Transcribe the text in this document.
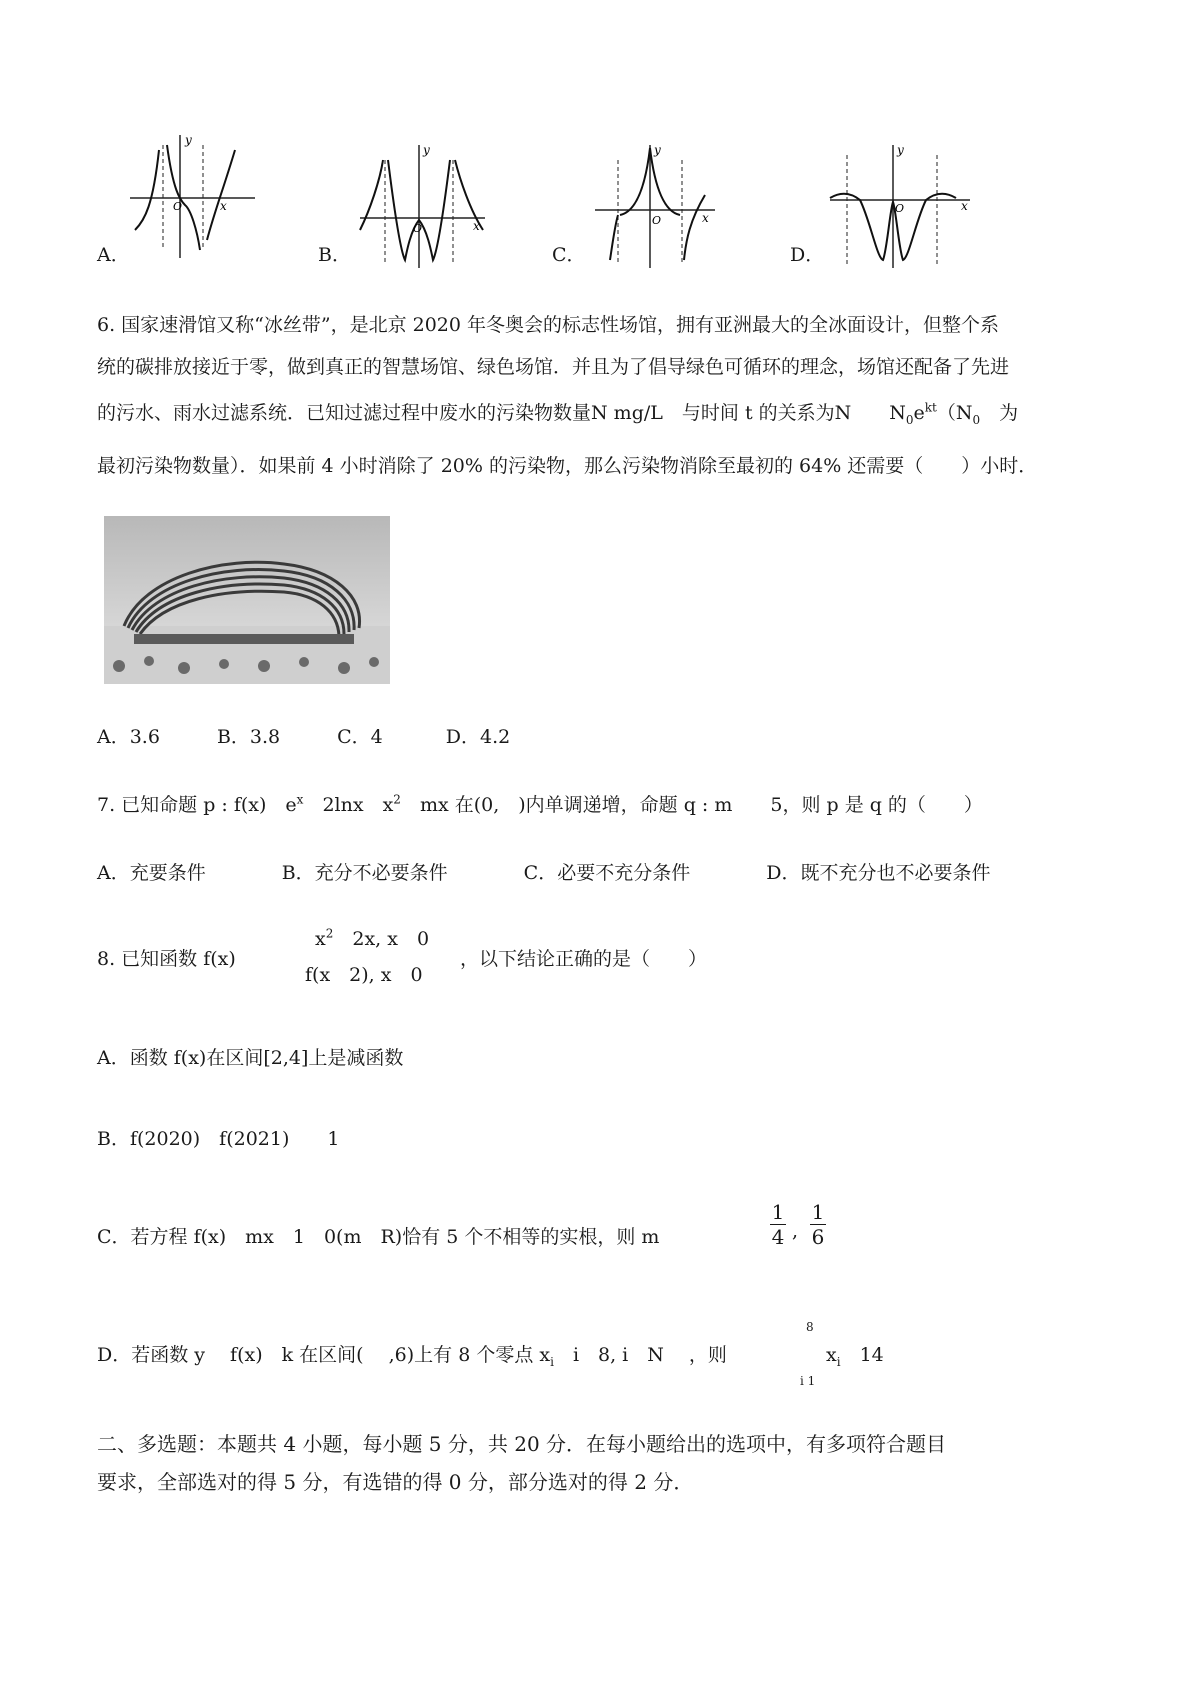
y
x
O
A．
y
x
O
B．
y
x
O
C．
y
x
O
D．
6. 国家速滑馆又称“冰丝带”，是北京 2020 年冬奥会的标志性场馆，拥有亚洲最大的全冰面设计，但整个系
统的碳排放接近于零，做到真正的智慧场馆、绿色场馆．并且为了倡导绿色可循环的理念，场馆还配备了先进
的污水、雨水过滤系统．已知过滤过程中废水的污染物数量N mg/L　 与时间 t 的关系为N　　 $N_0e^{kt}(N_0$　 为
最初污染物数量）．如果前 4 小时消除了 20% 的污染物，那么污染物消除至最初的 64% 还需要（　　）小时．
A．3.6　　　B．3.8　　　C．4　　　 D．4.2
7. 已知命题 p : f(x)　$e^x$　2lnx　$x^2$　mx 在(0,　)内单调递增，命题 q : m　　5，则 p 是 q 的（　　）
A．充要条件　　　　B．充分不必要条件　　　　C．必要不充分条件　　　　D．既不充分也不必要条件
8. 已知函数 f(x)
$x^2$　2x, x　0
f(x　2), x　0
，以下结论正确的是（　　）
A．函数 f(x)在区间[2,4]上是减函数
B．f(2020)　f(2021)　　1
C．若方程 f(x)　mx　1　0(m　R)恰有 5 个不相等的实根，则 m
1
4 ,
1
6
D．若函数 y　 f(x)　k 在区间(　 ,6)上有 8 个零点 $x_i$　i　8, i　N　 ，则
8
i 1
$x_i$　14
二、多选题：本题共 4 小题，每小题 5 分，共 20 分．在每小题给出的选项中，有多项符合题目
要求，全部选对的得 5 分，有选错的得 0 分，部分选对的得 2 分．
